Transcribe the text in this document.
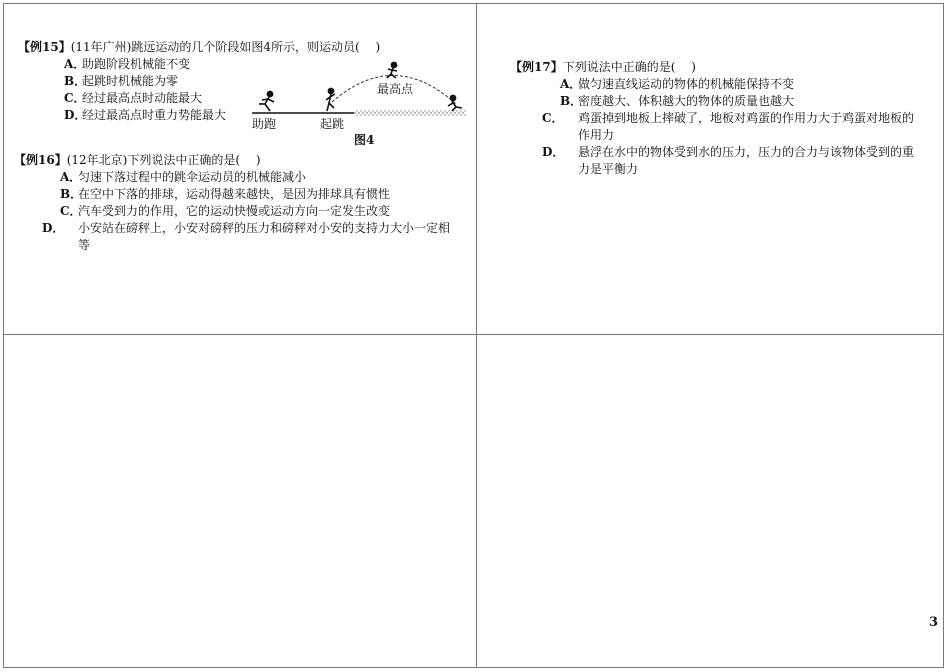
【例15】(11年广州)跳远运动的几个阶段如图4所示，则运动员(　 )
A．助跑阶段机械能不变
B．起跳时机械能为零
C．经过最高点时动能最大
D．经过最高点时重力势能最大
助跑	起跳
最高点
图4
【例16】(12年北京)下列说法中正确的是(　 )
A．匀速下落过程中的跳伞运动员的机械能减小
B．在空中下落的排球，运动得越来越快，是因为排球具有惯性
C．汽车受到力的作用，它的运动快慢或运动方向一定发生改变
D． 小安站在磅秤上，小安对磅秤的压力和磅秤对小安的支持力大小一定相等
【例17】下列说法中正确的是(　 )
A．做匀速直线运动的物体的机械能保持不变
B．密度越大、体积越大的物体的质量也越大
C． 鸡蛋掉到地板上摔破了，地板对鸡蛋的作用力大于鸡蛋对地板的作用力
D． 悬浮在水中的物体受到水的压力，压力的合力与该物体受到的重力是平衡力
3
